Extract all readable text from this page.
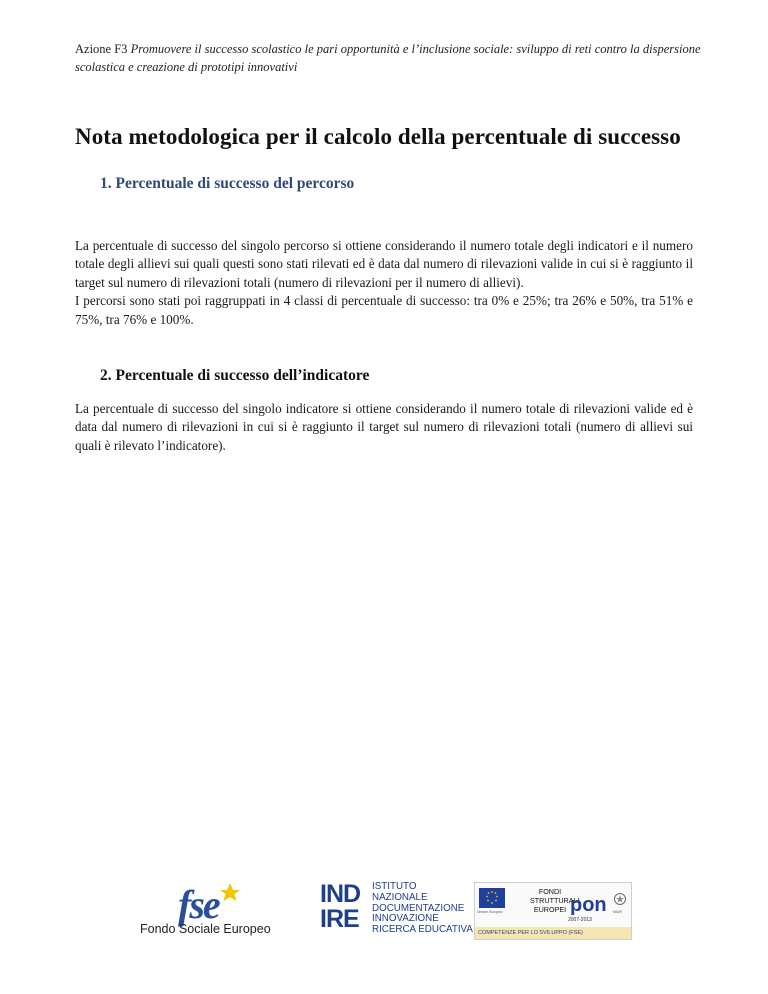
Azione F3 Promuovere il successo scolastico le pari opportunità e l’inclusione sociale: sviluppo di reti contro la dispersione scolastica e creazione di prototipi innovativi
Nota metodologica per il calcolo della percentuale di successo
1. Percentuale di successo del percorso
La percentuale di successo del singolo percorso si ottiene considerando il numero totale degli indicatori e il numero totale degli allievi sui quali questi sono stati rilevati ed è data dal numero di rilevazioni valide in cui si è raggiunto il target sul numero di rilevazioni totali (numero di rilevazioni per il numero di allievi).
I percorsi sono stati poi raggruppati in 4 classi di percentuale di successo: tra 0% e 25%; tra 26% e 50%, tra 51% e 75%, tra 76% e 100%.
2. Percentuale di successo dell’indicatore
La percentuale di successo del singolo indicatore si ottiene considerando il numero totale di rilevazioni valide ed è data dal numero di rilevazioni in cui si è raggiunto il target sul numero di rilevazioni totali (numero di allievi sui quali è rilevato l’indicatore).
fse
Fondo Sociale Europeo
IND
IRE
ISTITUTO
NAZIONALE
DOCUMENTAZIONE
INNOVAZIONE
RICERCA EDUCATIVA
Unione Europea
FONDI
STRUTTURALI
EUROPEI pon
2007-2013
MIUR
COMPETENZE PER LO SVILUPPO (FSE)
